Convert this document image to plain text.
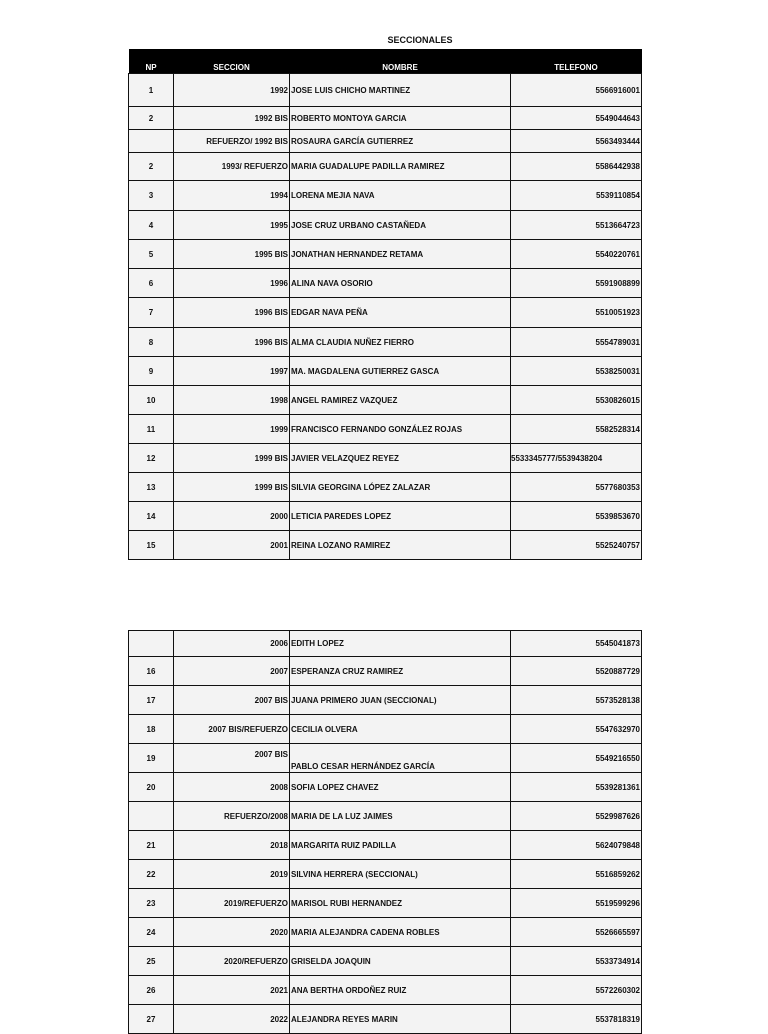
SECCIONALES
NP	SECCION	NOMBRE	TELEFONO
1	1992	JOSE LUIS CHICHO MARTINEZ	5566916001
2	1992 BIS	ROBERTO MONTOYA GARCIA	5549044643
	REFUERZO/ 1992 BIS	ROSAURA GARCÍA GUTIERREZ	5563493444
2	1993/ REFUERZO	MARIA GUADALUPE PADILLA RAMIREZ	5586442938
3	1994	LORENA MEJIA NAVA	5539110854
4	1995	JOSE CRUZ URBANO CASTAÑEDA	5513664723
5	1995 BIS	JONATHAN HERNANDEZ RETAMA	5540220761
6	1996	ALINA NAVA OSORIO	5591908899
7	1996 BIS	EDGAR NAVA PEÑA	5510051923
8	1996 BIS	ALMA CLAUDIA NUÑEZ FIERRO	5554789031
9	1997	MA. MAGDALENA GUTIERREZ GASCA	5538250031
10	1998	ANGEL RAMIREZ VAZQUEZ	5530826015
11	1999	FRANCISCO FERNANDO GONZÁLEZ ROJAS	5582528314
12	1999 BIS	JAVIER VELAZQUEZ REYEZ	5533345777/5539438204
13	1999 BIS	SILVIA GEORGINA LÓPEZ ZALAZAR	5577680353
14	2000	LETICIA PAREDES LOPEZ	5539853670
15	2001	REINA LOZANO RAMIREZ	5525240757
	2006	EDITH LOPEZ	5545041873
16	2007	ESPERANZA CRUZ RAMIREZ	5520887729
17	2007 BIS	JUANA PRIMERO JUAN (SECCIONAL)	5573528138
18	2007 BIS/REFUERZO	CECILIA OLVERA	5547632970
19	2007 BIS	PABLO CESAR HERNÁNDEZ GARCÍA	5549216550
20	2008	SOFIA LOPEZ CHAVEZ	5539281361
	REFUERZO/2008	MARIA DE LA LUZ JAIMES	5529987626
21	2018	MARGARITA RUIZ PADILLA	5624079848
22	2019	SILVINA HERRERA (SECCIONAL)	5516859262
23	2019/REFUERZO	MARISOL RUBI HERNANDEZ	5519599296
24	2020	MARIA ALEJANDRA CADENA ROBLES	5526665597
25	2020/REFUERZO	GRISELDA JOAQUIN	5533734914
26	2021	ANA BERTHA ORDOÑEZ RUIZ	5572260302
27	2022	ALEJANDRA REYES MARIN	5537818319
